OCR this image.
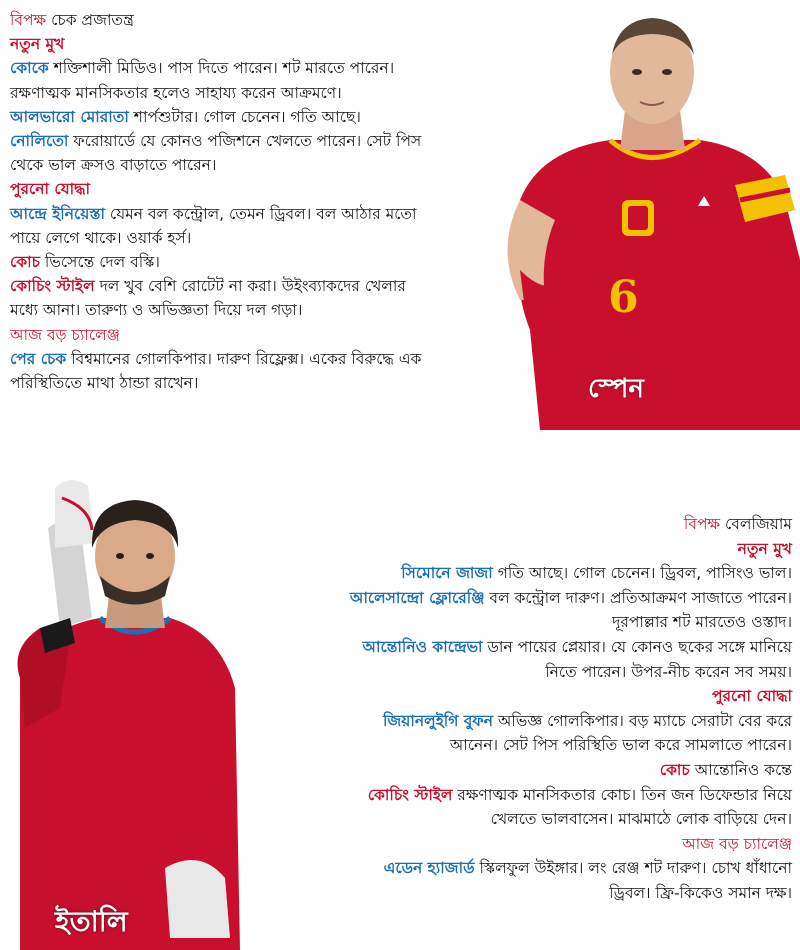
6
স্পেন

বিপক্ষ চেক প্রজাতন্ত্র

নতুন মুখ

কোকে শক্তিশালী মিডিও। পাস দিতে পারেন। শট মারতে পারেন।

রক্ষণাত্মক মানসিকতার হলেও সাহায্য করেন আক্রমণে।

আলভারো মোরাতা শার্পশুটার। গোল চেনেন। গতি আছে।

নোলিতো ফরোয়ার্ডে যে কোনও পজিশনে খেলতে পারেন। সেট পিস

থেকে ভাল ক্রসও বাড়াতে পারেন।

পুরনো যোদ্ধা

আন্দ্রে ইনিয়েস্তা যেমন বল কন্ট্রোল, তেমন ড্রিবল। বল আঠার মতো

পায়ে লেগে থাকে। ওয়ার্ক হর্স।

কোচ ভিসেন্তে দেল বস্কি।

কোচিং স্টাইল দল খুব বেশি রোটেট না করা। উইংব্যাকদের খেলার

মধ্যে আনা। তারুণ্য ও অভিজ্ঞতা দিয়ে দল গড়া।

আজ বড় চ্যালেঞ্জ

পের চেক বিশ্বমানের গোলকিপার। দারুণ রিফ্লেক্স। একের বিরুদ্ধে এক

পরিস্থিতিতে মাথা ঠান্ডা রাখেন।

ইতালি

বিপক্ষ বেলজিয়াম

নতুন মুখ

সিমোনে জাজা গতি আছে। গোল চেনেন। ড্রিবল, পাসিংও ভাল।

আলেসান্দ্রো ফ্লোরেঞ্জি বল কন্ট্রোল দারুণ। প্রতিআক্রমণ সাজাতে পারেন।

দূরপাল্লার শট মারতেও ওস্তাদ।

আন্তোনিও কান্দ্রেভা ডান পায়ের প্লেয়ার। যে কোনও ছকের সঙ্গে মানিয়ে

নিতে পারেন। উপর-নীচ করেন সব সময়।

পুরনো যোদ্ধা

জিয়ানলুইগি বুফন অভিজ্ঞ গোলকিপার। বড় ম্যাচে সেরাটা বের করে

আনেন। সেট পিস পরিস্থিতি ভাল করে সামলাতে পারেন।

কোচ আন্তোনিও কন্তে

কোচিং স্টাইল রক্ষণাত্মক মানসিকতার কোচ। তিন জন ডিফেন্ডার নিয়ে

খেলতে ভালবাসেন। মাঝমাঠে লোক বাড়িয়ে দেন।

আজ বড় চ্যালেঞ্জ

এডেন হ্যাজার্ড স্কিলফুল উইঙ্গার। লং রেঞ্জ শট দারুণ। চোখ ধাঁধানো

ড্রিবল। ফ্রি-কিকেও সমান দক্ষ।
